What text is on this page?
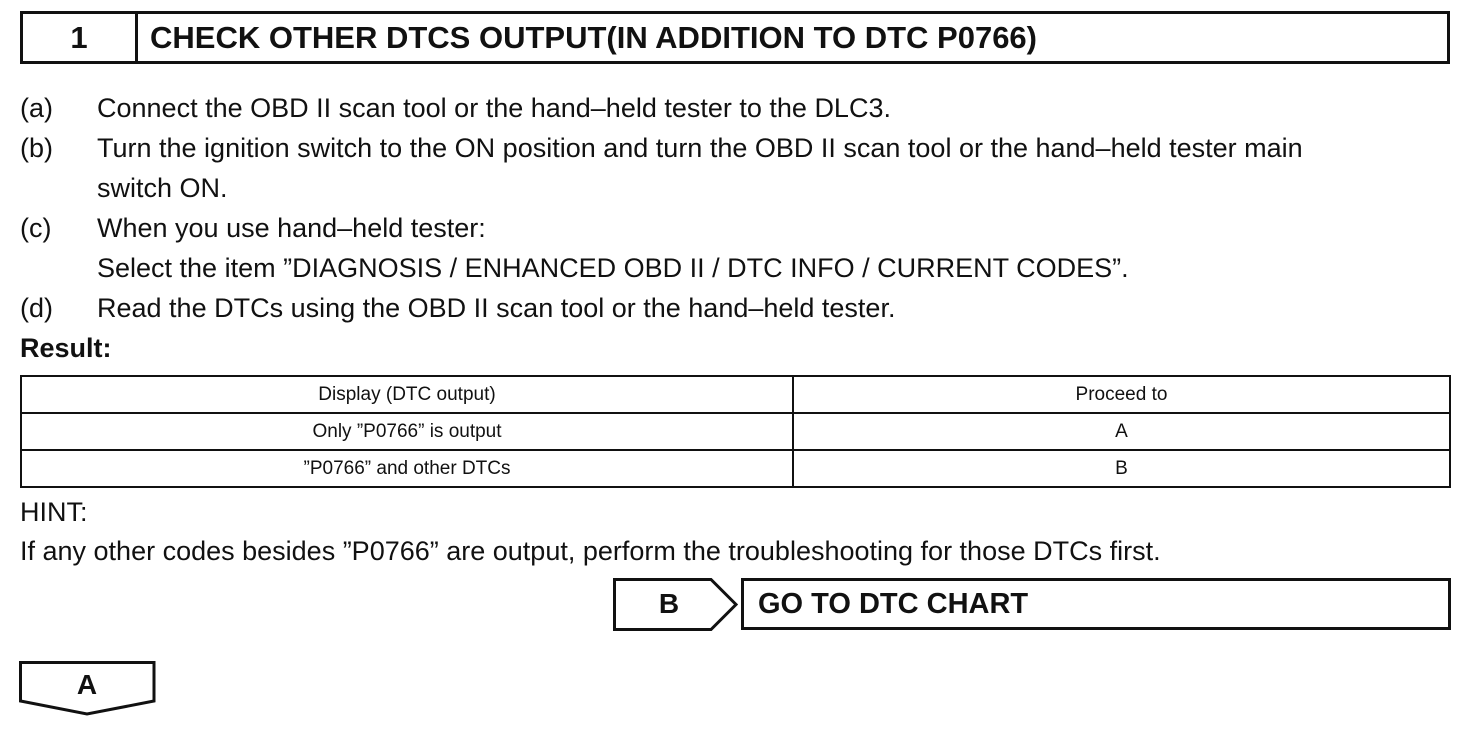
1	CHECK OTHER DTCS OUTPUT(IN ADDITION TO DTC P0766)
(a)	Connect the OBD II scan tool or the hand–held tester to the DLC3.
(b)	Turn the ignition switch to the ON position and turn the OBD II scan tool or the hand–held tester main
switch ON.
(c)	When you use hand–held tester:
Select the item ”DIAGNOSIS / ENHANCED OBD II / DTC INFO / CURRENT CODES”.
(d)	Read the DTCs using the OBD II scan tool or the hand–held tester.
Result:
Display (DTC output)	Proceed to
Only ”P0766” is output	A
”P0766” and other DTCs	B
HINT:
If any other codes besides ”P0766” are output, perform the troubleshooting for those DTCs first.
B	GO TO DTC CHART
A
